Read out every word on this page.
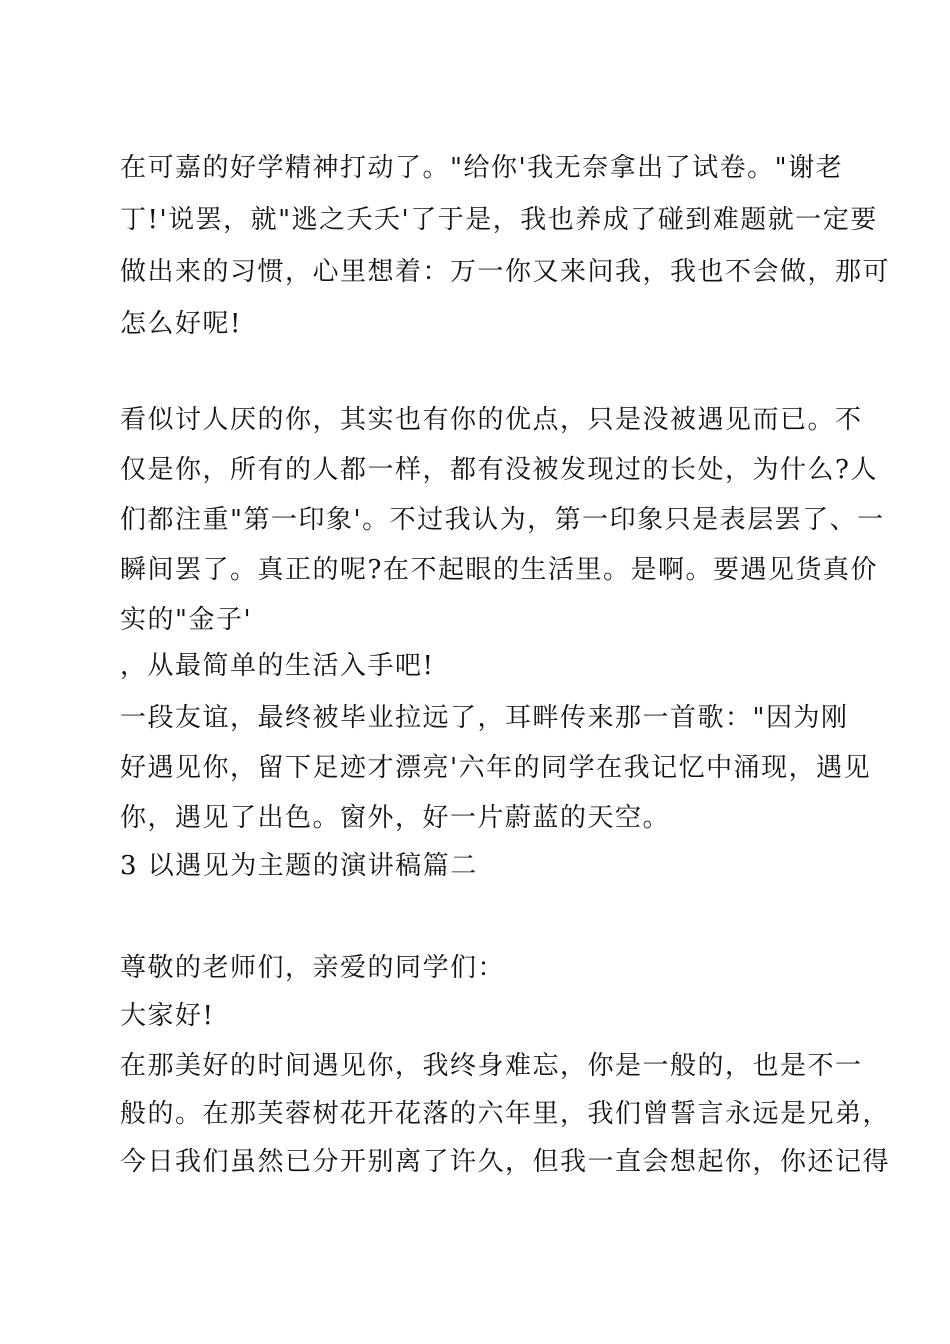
在可嘉的好学精神打动了。"给你'我无奈拿出了试卷。"谢老
丁!'说罢，就"逃之夭夭'了于是，我也养成了碰到难题就一定要
做出来的习惯，心里想着：万一你又来问我，我也不会做，那可
怎么好呢!
看似讨人厌的你，其实也有你的优点，只是没被遇见而已。不
仅是你，所有的人都一样，都有没被发现过的长处，为什么?人
们都注重"第一印象'。不过我认为，第一印象只是表层罢了、一
瞬间罢了。真正的呢?在不起眼的生活里。是啊。要遇见货真价
实的"金子'
，从最简单的生活入手吧!
一段友谊，最终被毕业拉远了，耳畔传来那一首歌："因为刚
好遇见你，留下足迹才漂亮'六年的同学在我记忆中涌现，遇见
你，遇见了出色。窗外，好一片蔚蓝的天空。
3 以遇见为主题的演讲稿篇二
尊敬的老师们，亲爱的同学们：
大家好!
在那美好的时间遇见你，我终身难忘，你是一般的，也是不一
般的。在那芙蓉树花开花落的六年里，我们曾誓言永远是兄弟，
今日我们虽然已分开别离了许久，但我一直会想起你，你还记得
